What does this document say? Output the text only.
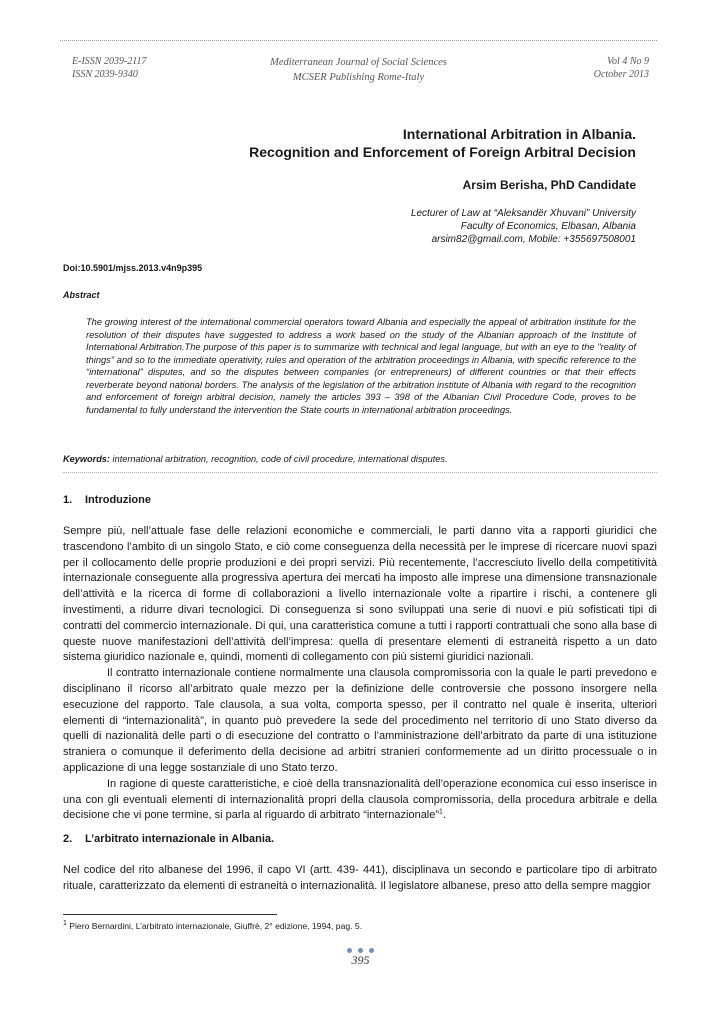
E-ISSN 2039-2117
ISSN 2039-9340
Mediterranean Journal of Social Sciences
MCSER Publishing Rome-Italy
Vol 4 No 9
October 2013
International Arbitration in Albania.
Recognition and Enforcement of Foreign Arbitral Decision
Arsim Berisha, PhD Candidate
Lecturer of Law at “Aleksandër Xhuvani” University
Faculty of Economics, Elbasan, Albania
arsim82@gmail.com, Mobile: +355697508001
Doi:10.5901/mjss.2013.v4n9p395
Abstract
The growing interest of the international commercial operators toward Albania and especially the appeal of arbitration institute for the resolution of their disputes have suggested to address a work based on the study of the Albanian approach of the Institute of International Arbitration.The purpose of this paper is to summarize with technical and legal language, but with an eye to the "reality of things" and so to the immediate operativity, rules and operation of the arbitration proceedings in Albania, with specific reference to the “international” disputes, and so the disputes between companies (or entrepreneurs) of different countries or that their effects reverberate beyond national borders. The analysis of the legislation of the arbitration institute of Albania with regard to the recognition and enforcement of foreign arbitral decision, namely the articles 393 – 398 of the Albanian Civil Procedure Code, proves to be fundamental to fully understand the intervention the State courts in international arbitration proceedings.
Keywords: international arbitration, recognition, code of civil procedure, international disputes.
1. Introduzione

Sempre più, nell’attuale fase delle relazioni economiche e commerciali, le parti danno vita a rapporti giuridici che trascendono l’ambito di un singolo Stato, e ciò come conseguenza della necessità per le imprese di ricercare nuovi spazi per il collocamento delle proprie produzioni e dei propri servizi. Più recentemente, l’accresciuto livello della competitività internazionale conseguente alla progressiva apertura dei mercati ha imposto alle imprese una dimensione transnazionale dell’attività e la ricerca di forme di collaborazioni a livello internazionale volte a ripartire i rischi, a contenere gli investimenti, a ridurre divari tecnologici. Di conseguenza si sono sviluppati una serie di nuovi e più sofisticati tipi di contratti del commercio internazionale. Di qui, una caratteristica comune a tutti i rapporti contrattuali che sono alla base di queste nuove manifestazioni dell’attività dell’impresa: quella di presentare elementi di estraneità rispetto a un dato sistema giuridico nazionale e, quindi, momenti di collegamento con più sistemi giuridici nazionali.

Il contratto internazionale contiene normalmente una clausola compromissoria con la quale le parti prevedono e disciplinano il ricorso all’arbitrato quale mezzo per la definizione delle controversie che possono insorgere nella esecuzione del rapporto. Tale clausola, a sua volta, comporta spesso, per il contratto nel quale è inserita, ulteriori elementi di “internazionalità”, in quanto può prevedere la sede del procedimento nel territorio di uno Stato diverso da quelli di nazionalità delle parti o di esecuzione del contratto o l’amministrazione dell’arbitrato da parte di una istituzione straniera o comunque il deferimento della decisione ad arbitri stranieri conformemente ad un diritto processuale o in applicazione di una legge sostanziale di uno Stato terzo.

In ragione di queste caratteristiche, e cioè della transnazionalità dell’operazione economica cui esso inserisce in una con gli eventuali elementi di internazionalità propri della clausola compromissoria, della procedura arbitrale e della decisione che vi pone termine, si parla al riguardo di arbitrato “internazionale”$^1$.

2. L’arbitrato internazionale in Albania.

Nel codice del rito albanese del 1996, il capo VI (artt. 439- 441), disciplinava un secondo e particolare tipo di arbitrato rituale, caratterizzato da elementi di estraneità o internazionalità. Il legislatore albanese, preso atto della sempre maggior

$^1$ Piero Bernardini, L’arbitrato internazionale, Giuffrè, 2° edizione, 1994, pag. 5.
395
